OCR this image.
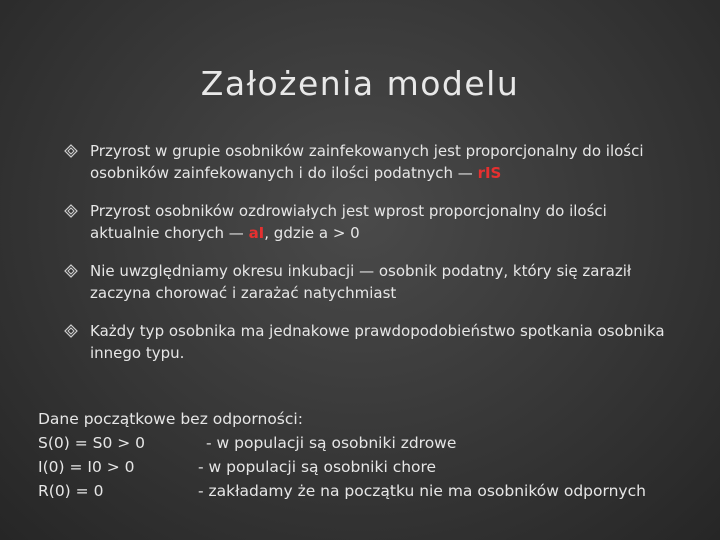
Założenia modelu
Przyrost w grupie osobników zainfekowanych jest proporcjonalny do ilości osobników zainfekowanych i do ilości podatnych — rIS
Przyrost osobników ozdrowiałych jest wprost proporcjonalny do ilości aktualnie chorych — aI, gdzie a > 0
Nie uwzględniamy okresu inkubacji — osobnik podatny, który się zaraził zaczyna chorować i zarażać natychmiast
Każdy typ osobnika ma jednakowe prawdopodobieństwo spotkania osobnika innego typu.
Dane początkowe bez odporności:
S(0) = S0 > 0	- w populacji są osobniki zdrowe
I(0) = I0 > 0	- w populacji są osobniki chore
R(0) = 0	- zakładamy że na początku nie ma osobników odpornych
